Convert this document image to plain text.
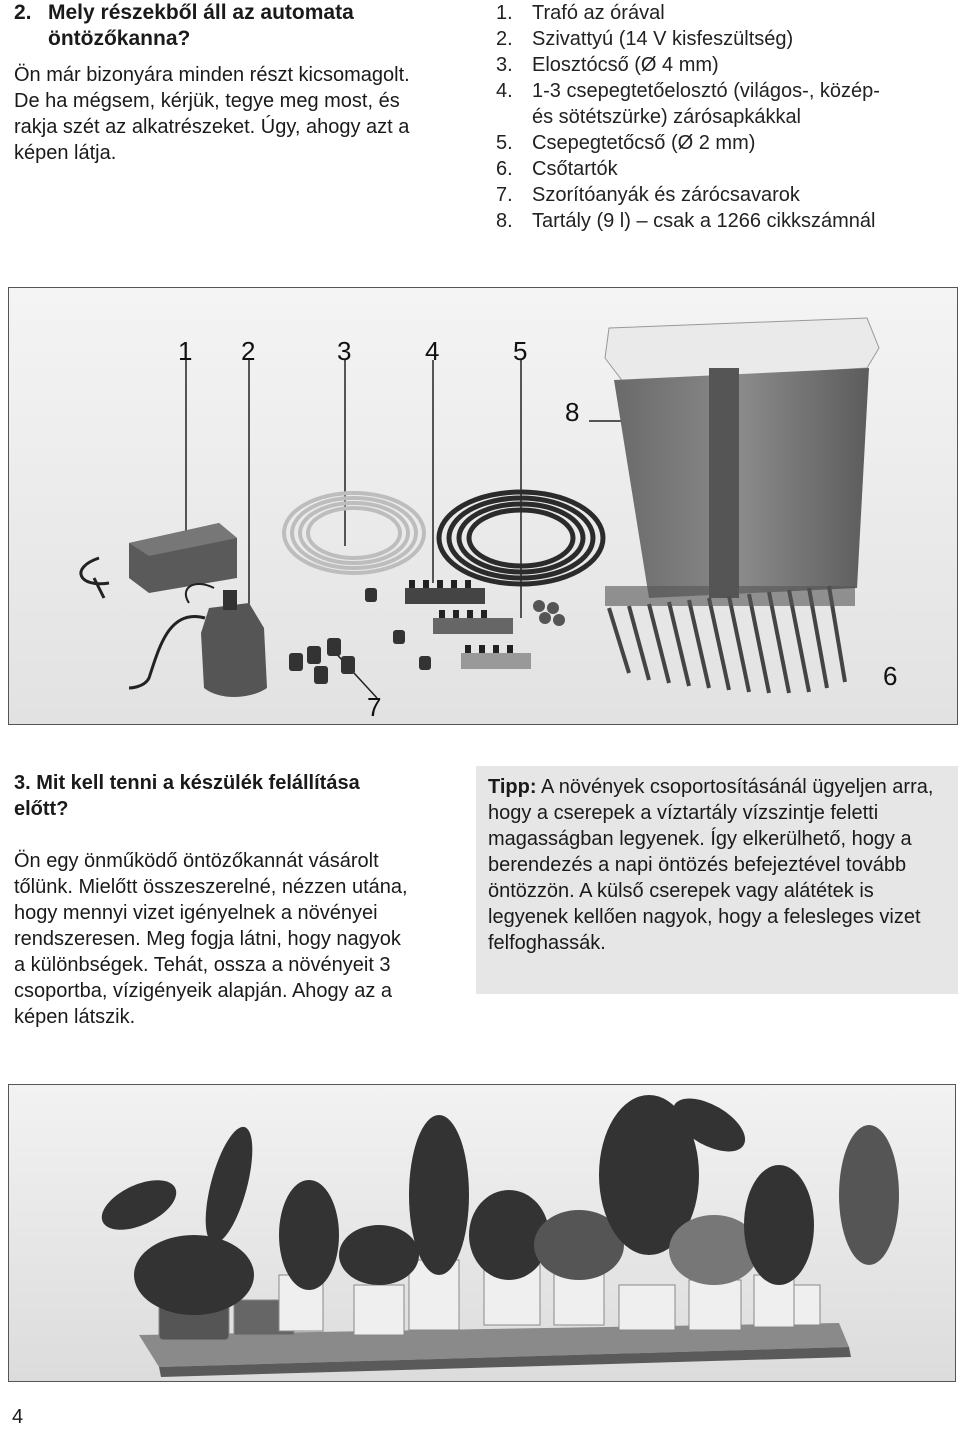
2. Mely részekből áll az automata
öntözőkanna?
Ön már bizonyára minden részt kicsomagolt.
De ha mégsem, kérjük, tegye meg most, és
rakja szét az alkatrészeket. Úgy, ahogy azt a
képen látja.
1. Trafó az órával
2. Szivattyú (14 V kisfeszültség)
3. Elosztócső (Ø 4 mm)
4. 1-3 csepegtetőelosztó (világos-, közép-
és sötétszürke) zárósapkákkal
5. Csepegtetőcső (Ø 2 mm)
6. Csőtartók
7. Szorítóanyák és zárócsavarok
8. Tartály (9 l) – csak a 1266 cikkszámnál
1 2	3	4	5
8
6
7
3. Mit kell tenni a készülék felállítása
előtt?
Ön egy önműködő öntözőkannát vásárolt
tőlünk. Mielőtt összeszerelné, nézzen utána,
hogy mennyi vizet igényelnek a növényei
rendszeresen. Meg fogja látni, hogy nagyok
a különbségek. Tehát, ossza a növényeit 3
csoportba, vízigényeik alapján. Ahogy az a
képen látszik.
Tipp: A növények csoportosításánál ügyeljen arra, hogy a cserepek a víztartály vízszintje feletti magasságban legyenek. Így elkerülhető, hogy a berendezés a napi öntözés befejeztével tovább öntözzön. A külső cserepek vagy alátétek is legyenek kellően nagyok, hogy a felesleges vizet felfoghassák.
4
